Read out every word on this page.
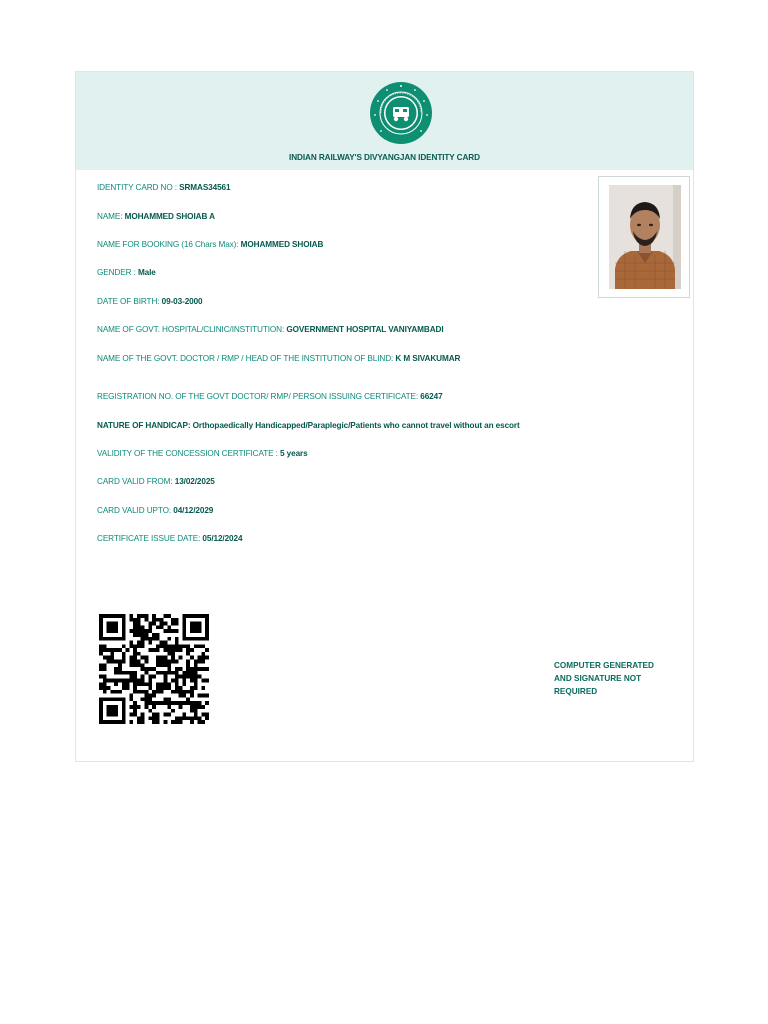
INDIAN RAILWAY'S DIVYANGJAN IDENTITY CARD
IDENTITY CARD NO : SRMAS34561
NAME: MOHAMMED SHOIAB A
NAME FOR BOOKING (16 Chars Max): MOHAMMED SHOIAB
GENDER : Male
DATE OF BIRTH: 09-03-2000
NAME OF GOVT. HOSPITAL/CLINIC/INSTITUTION: GOVERNMENT HOSPITAL VANIYAMBADI
NAME OF THE GOVT. DOCTOR / RMP / HEAD OF THE INSTITUTION OF BLIND: K M SIVAKUMAR
REGISTRATION NO. OF THE GOVT DOCTOR/ RMP/ PERSON ISSUING CERTIFICATE: 66247
NATURE OF HANDICAP: Orthopaedically Handicapped/Paraplegic/Patients who cannot travel without an escort
VALIDITY OF THE CONCESSION CERTIFICATE : 5 years
CARD VALID FROM: 13/02/2025
CARD VALID UPTO: 04/12/2029
CERTIFICATE ISSUE DATE: 05/12/2024
COMPUTER GENERATED AND SIGNATURE NOT REQUIRED
